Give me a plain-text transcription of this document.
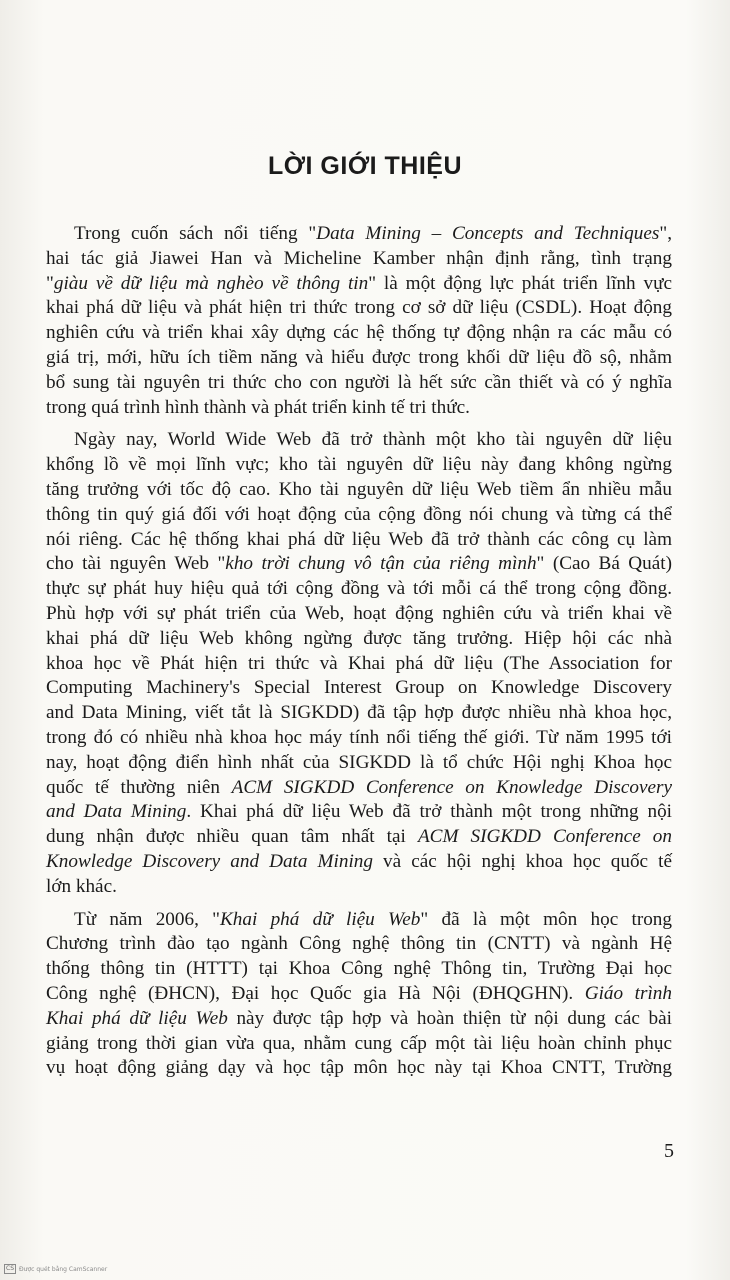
LỜI GIỚI THIỆU
Trong cuốn sách nổi tiếng "Data Mining – Concepts and Techniques",
hai tác giả Jiawei Han và Micheline Kamber nhận định rằng, tình trạng
"giàu về dữ liệu mà nghèo về thông tin" là một động lực phát triển lĩnh vực
khai phá dữ liệu và phát hiện tri thức trong cơ sở dữ liệu (CSDL). Hoạt động
nghiên cứu và triển khai xây dựng các hệ thống tự động nhận ra các mẫu có
giá trị, mới, hữu ích tiềm năng và hiểu được trong khối dữ liệu đồ sộ, nhằm
bổ sung tài nguyên tri thức cho con người là hết sức cần thiết và có ý nghĩa
trong quá trình hình thành và phát triển kinh tế tri thức.
Ngày nay, World Wide Web đã trở thành một kho tài nguyên dữ liệu
khổng lồ về mọi lĩnh vực; kho tài nguyên dữ liệu này đang không ngừng
tăng trưởng với tốc độ cao. Kho tài nguyên dữ liệu Web tiềm ẩn nhiều mẫu
thông tin quý giá đối với hoạt động của cộng đồng nói chung và từng cá thể
nói riêng. Các hệ thống khai phá dữ liệu Web đã trở thành các công cụ làm
cho tài nguyên Web "kho trời chung vô tận của riêng mình" (Cao Bá Quát)
thực sự phát huy hiệu quả tới cộng đồng và tới mỗi cá thể trong cộng đồng.
Phù hợp với sự phát triển của Web, hoạt động nghiên cứu và triển khai về
khai phá dữ liệu Web không ngừng được tăng trưởng. Hiệp hội các nhà
khoa học về Phát hiện tri thức và Khai phá dữ liệu (The Association for
Computing Machinery's Special Interest Group on Knowledge Discovery
and Data Mining, viết tắt là SIGKDD) đã tập hợp được nhiều nhà khoa học,
trong đó có nhiều nhà khoa học máy tính nổi tiếng thế giới. Từ năm 1995 tới
nay, hoạt động điển hình nhất của SIGKDD là tổ chức Hội nghị Khoa học
quốc tế thường niên ACM SIGKDD Conference on Knowledge Discovery
and Data Mining. Khai phá dữ liệu Web đã trở thành một trong những nội
dung nhận được nhiều quan tâm nhất tại ACM SIGKDD Conference on
Knowledge Discovery and Data Mining và các hội nghị khoa học quốc tế
lớn khác.
Từ năm 2006, "Khai phá dữ liệu Web" đã là một môn học trong
Chương trình đào tạo ngành Công nghệ thông tin (CNTT) và ngành Hệ
thống thông tin (HTTT) tại Khoa Công nghệ Thông tin, Trường Đại học
Công nghệ (ĐHCN), Đại học Quốc gia Hà Nội (ĐHQGHN). Giáo trình
Khai phá dữ liệu Web này được tập hợp và hoàn thiện từ nội dung các bài
giảng trong thời gian vừa qua, nhằm cung cấp một tài liệu hoàn chỉnh phục
vụ hoạt động giảng dạy và học tập môn học này tại Khoa CNTT, Trường
5
CS Được quét bằng CamScanner
